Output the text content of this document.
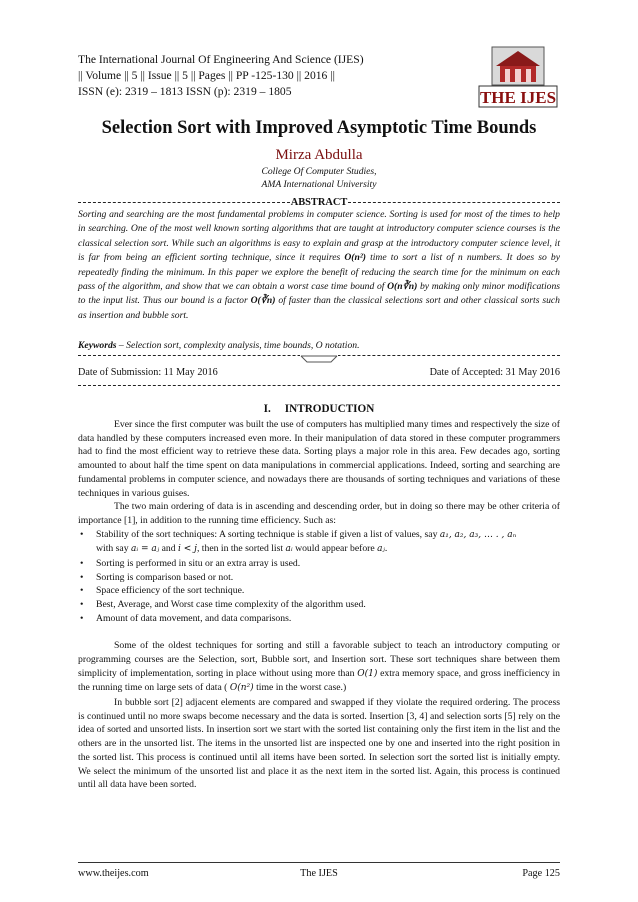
The International Journal Of Engineering And Science (IJES)
|| Volume || 5 || Issue || 5 || Pages || PP -125-130 || 2016 ||
ISSN (e): 2319 – 1813 ISSN (p): 2319 – 1805	THE IJES
Selection Sort with Improved Asymptotic Time Bounds
Mirza Abdulla
College Of Computer Studies,
AMA International University
ABSTRACT
Sorting and searching are the most fundamental problems in computer science. Sorting is used for most of the times to help in searching. One of the most well known sorting algorithms that are taught at introductory computer science courses is the classical selection sort. While such an algorithms is easy to explain and grasp at the introductory computer science level, it is far from being an efficient sorting technique, since it requires O(n²) time to sort a list of n numbers. It does so by repeatedly finding the minimum. In this paper we explore the benefit of reducing the search time for the minimum on each pass of the algorithm, and show that we can obtain a worst case time bound of O(n∛n) by making only minor modifications to the input list. Thus our bound is a factor O(∛n) of faster than the classical selections sort and other classical sorts such as insertion and bubble sort.
Keywords – Selection sort, complexity analysis, time bounds, O notation.
Date of Submission: 11 May 2016	Date of Accepted: 31 May 2016
I.     INTRODUCTION

Ever since the first computer was built the use of computers has multiplied many times and respectively the size of data handled by these computers increased even more. In their manipulation of data stored in these computer programmers had to find the most efficient way to retrieve these data. Sorting plays a major role in this area. Few decades ago, sorting amounted to about half the time spent on data manipulations in commercial applications. Indeed, sorting and searching are fundamental problems in computer science, and nowadays there are thousands of sorting techniques and variations of these techniques in various guises.

The two main ordering of data is in ascending and descending order, but in doing so there may be other criteria of importance [1], in addition to the running time efficiency. Such as:

• Stability of the sort techniques: A sorting technique is stable if given a list of values, say a₁, a₂, a₃, … . , aₙ
with say aᵢ = aⱼ and i < j, then in the sorted list aᵢ would appear before aⱼ.
• Sorting is performed in situ or an extra array is used.
• Sorting is comparison based or not.
• Space efficiency of the sort technique.
• Best, Average, and Worst case time complexity of the algorithm used.
• Amount of data movement, and data comparisons.

Some of the oldest techniques for sorting and still a favorable subject to teach an introductory computing or programming courses are the Selection, sort, Bubble sort, and Insertion sort. These sort techniques share between them simplicity of implementation, sorting in place without using more than O(1) extra memory space, and gross inefficiency in the running time on large sets of data ( O(n²) time in the worst case.)

In bubble sort [2] adjacent elements are compared and swapped if they violate the required ordering. The process is continued until no more swaps become necessary and the data is sorted. Insertion [3, 4] and selection sorts [5] rely on the idea of sorted and unsorted lists. In insertion sort we start with the sorted list containing only the first item in the list and the others are in the unsorted list. The items in the unsorted list are inspected one by one and inserted into the right position in the sorted list. This process is continued until all items have been sorted. In selection sort the sorted list is initially empty. We select the minimum of the unsorted list and place it as the next item in the sorted list. Again, this process is continued until all data have been sorted.

www.theijes.com	The IJES	Page 125
